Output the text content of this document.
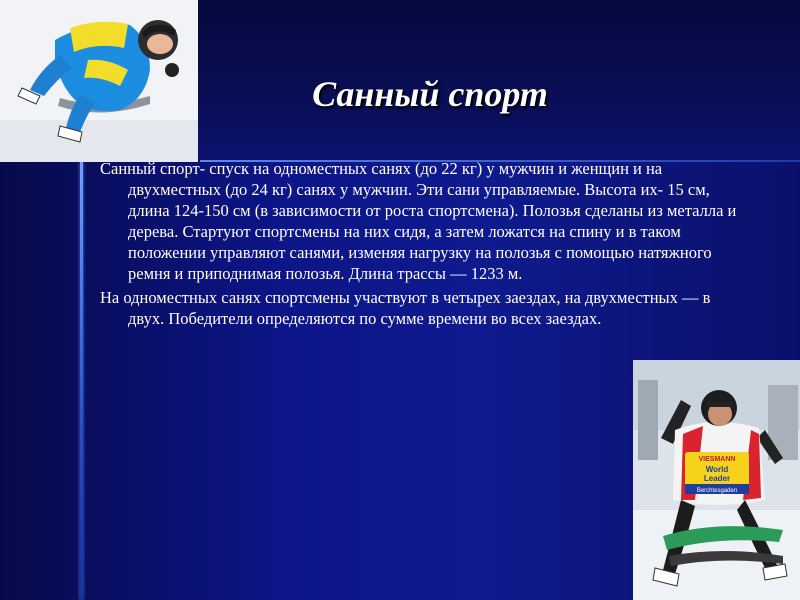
Санный спорт

Санный спорт- спуск на одноместных санях (до 22 кг) у мужчин и женщин и на двухместных (до 24 кг) санях у мужчин. Эти сани управляемые. Высота их- 15 см, длина 124-150 см (в зависимости от роста спортсмена). Полозья сделаны из металла и дерева. Стартуют спортсмены на них сидя, а затем ложатся на спину и в таком положении управляют санями, изменяя нагрузку на полозья с помощью натяжного ремня и приподнимая полозья. Длина трассы — 1233 м.

На одноместных санях спортсмены участвуют в четырех заездах, на двухместных — в двух. Победители определяются по сумме времени во всех заездах.

VIESMANN
World
Leader
Berchtesgaden
